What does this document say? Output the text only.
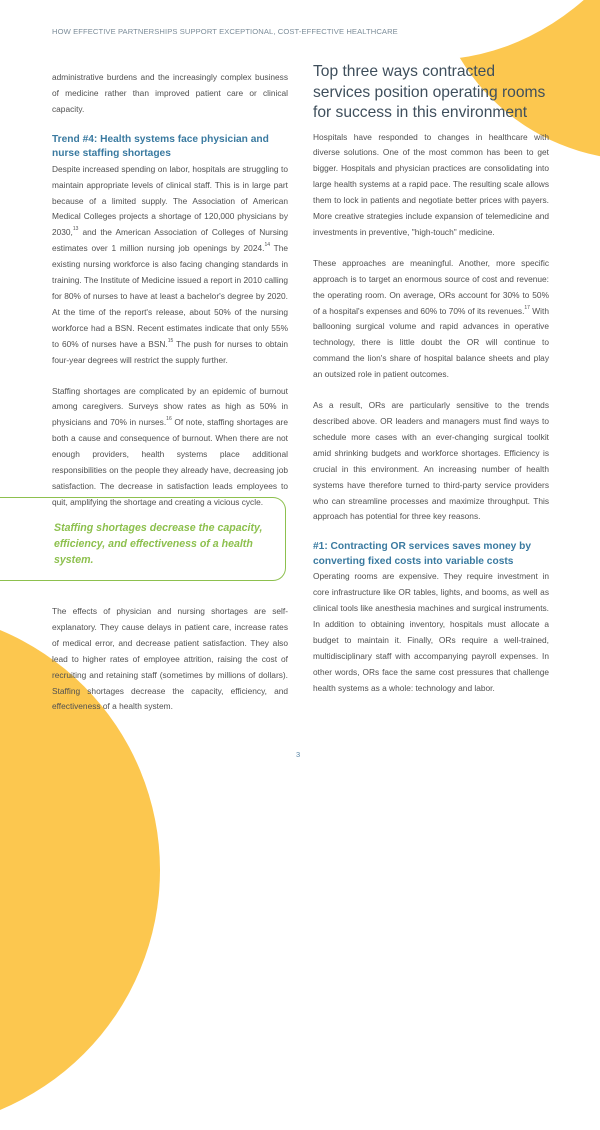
HOW EFFECTIVE PARTNERSHIPS SUPPORT EXCEPTIONAL, COST-EFFECTIVE HEALTHCARE

administrative burdens and the increasingly complex business of medicine rather than improved patient care or clinical capacity.

Trend #4: Health systems face physician and nurse staffing shortages

Despite increased spending on labor, hospitals are struggling to maintain appropriate levels of clinical staff. This is in large part because of a limited supply. The Association of American Medical Colleges projects a shortage of 120,000 physicians by 2030,13 and the American Association of Colleges of Nursing estimates over 1 million nursing job openings by 2024.14 The existing nursing workforce is also facing changing standards in training. The Institute of Medicine issued a report in 2010 calling for 80% of nurses to have at least a bachelor's degree by 2020. At the time of the report's release, about 50% of the nursing workforce had a BSN. Recent estimates indicate that only 55% to 60% of nurses have a BSN.$^{15}$ The push for nurses to obtain four-year degrees will restrict the supply further.

Staffing shortages are complicated by an epidemic of burnout among caregivers. Surveys show rates as high as 50% in physicians and 70% in nurses.$^{16}$ Of note, staffing shortages are both a cause and consequence of burnout. When there are not enough providers, health systems place additional responsibilities on the people they already have, decreasing job satisfaction. The decrease in satisfaction leads employees to quit, amplifying the shortage and creating a vicious cycle.

Staffing shortages decrease the capacity, efficiency, and effectiveness of a health system.
The effects of physician and nursing shortages are self-explanatory. They cause delays in patient care, increase rates of medical error, and decrease patient satisfaction. They also lead to higher rates of employee attrition, raising the cost of recruiting and retaining staff (sometimes by millions of dollars). Staffing shortages decrease the capacity, efficiency, and effectiveness of a health system.
Top three ways contracted services position operating rooms for success in this environment

Hospitals have responded to changes in healthcare with diverse solutions. One of the most common has been to get bigger. Hospitals and physician practices are consolidating into large health systems at a rapid pace. The resulting scale allows them to lock in patients and negotiate better prices with payers. More creative strategies include expansion of telemedicine and investments in preventive, "high-touch" medicine.

These approaches are meaningful. Another, more specific approach is to target an enormous source of cost and revenue: the operating room. On average, ORs account for 30% to 50% of a hospital's expenses and 60% to 70% of its revenues.$^{17}$ With ballooning surgical volume and rapid advances in operative technology, there is little doubt the OR will continue to command the lion's share of hospital balance sheets and play an outsized role in patient outcomes.

As a result, ORs are particularly sensitive to the trends described above. OR leaders and managers must find ways to schedule more cases with an ever-changing surgical toolkit amid shrinking budgets and workforce shortages. Efficiency is crucial in this environment. An increasing number of health systems have therefore turned to third-party service providers who can streamline processes and maximize throughput. This approach has potential for three key reasons.

#1: Contracting OR services saves money by converting fixed costs into variable costs

Operating rooms are expensive. They require investment in core infrastructure like OR tables, lights, and booms, as well as clinical tools like anesthesia machines and surgical instruments. In addition to obtaining inventory, hospitals must allocate a budget to maintain it. Finally, ORs require a well-trained, multidisciplinary staff with accompanying payroll expenses. In other words, ORs face the same cost pressures that challenge health systems as a whole: technology and labor.

3
